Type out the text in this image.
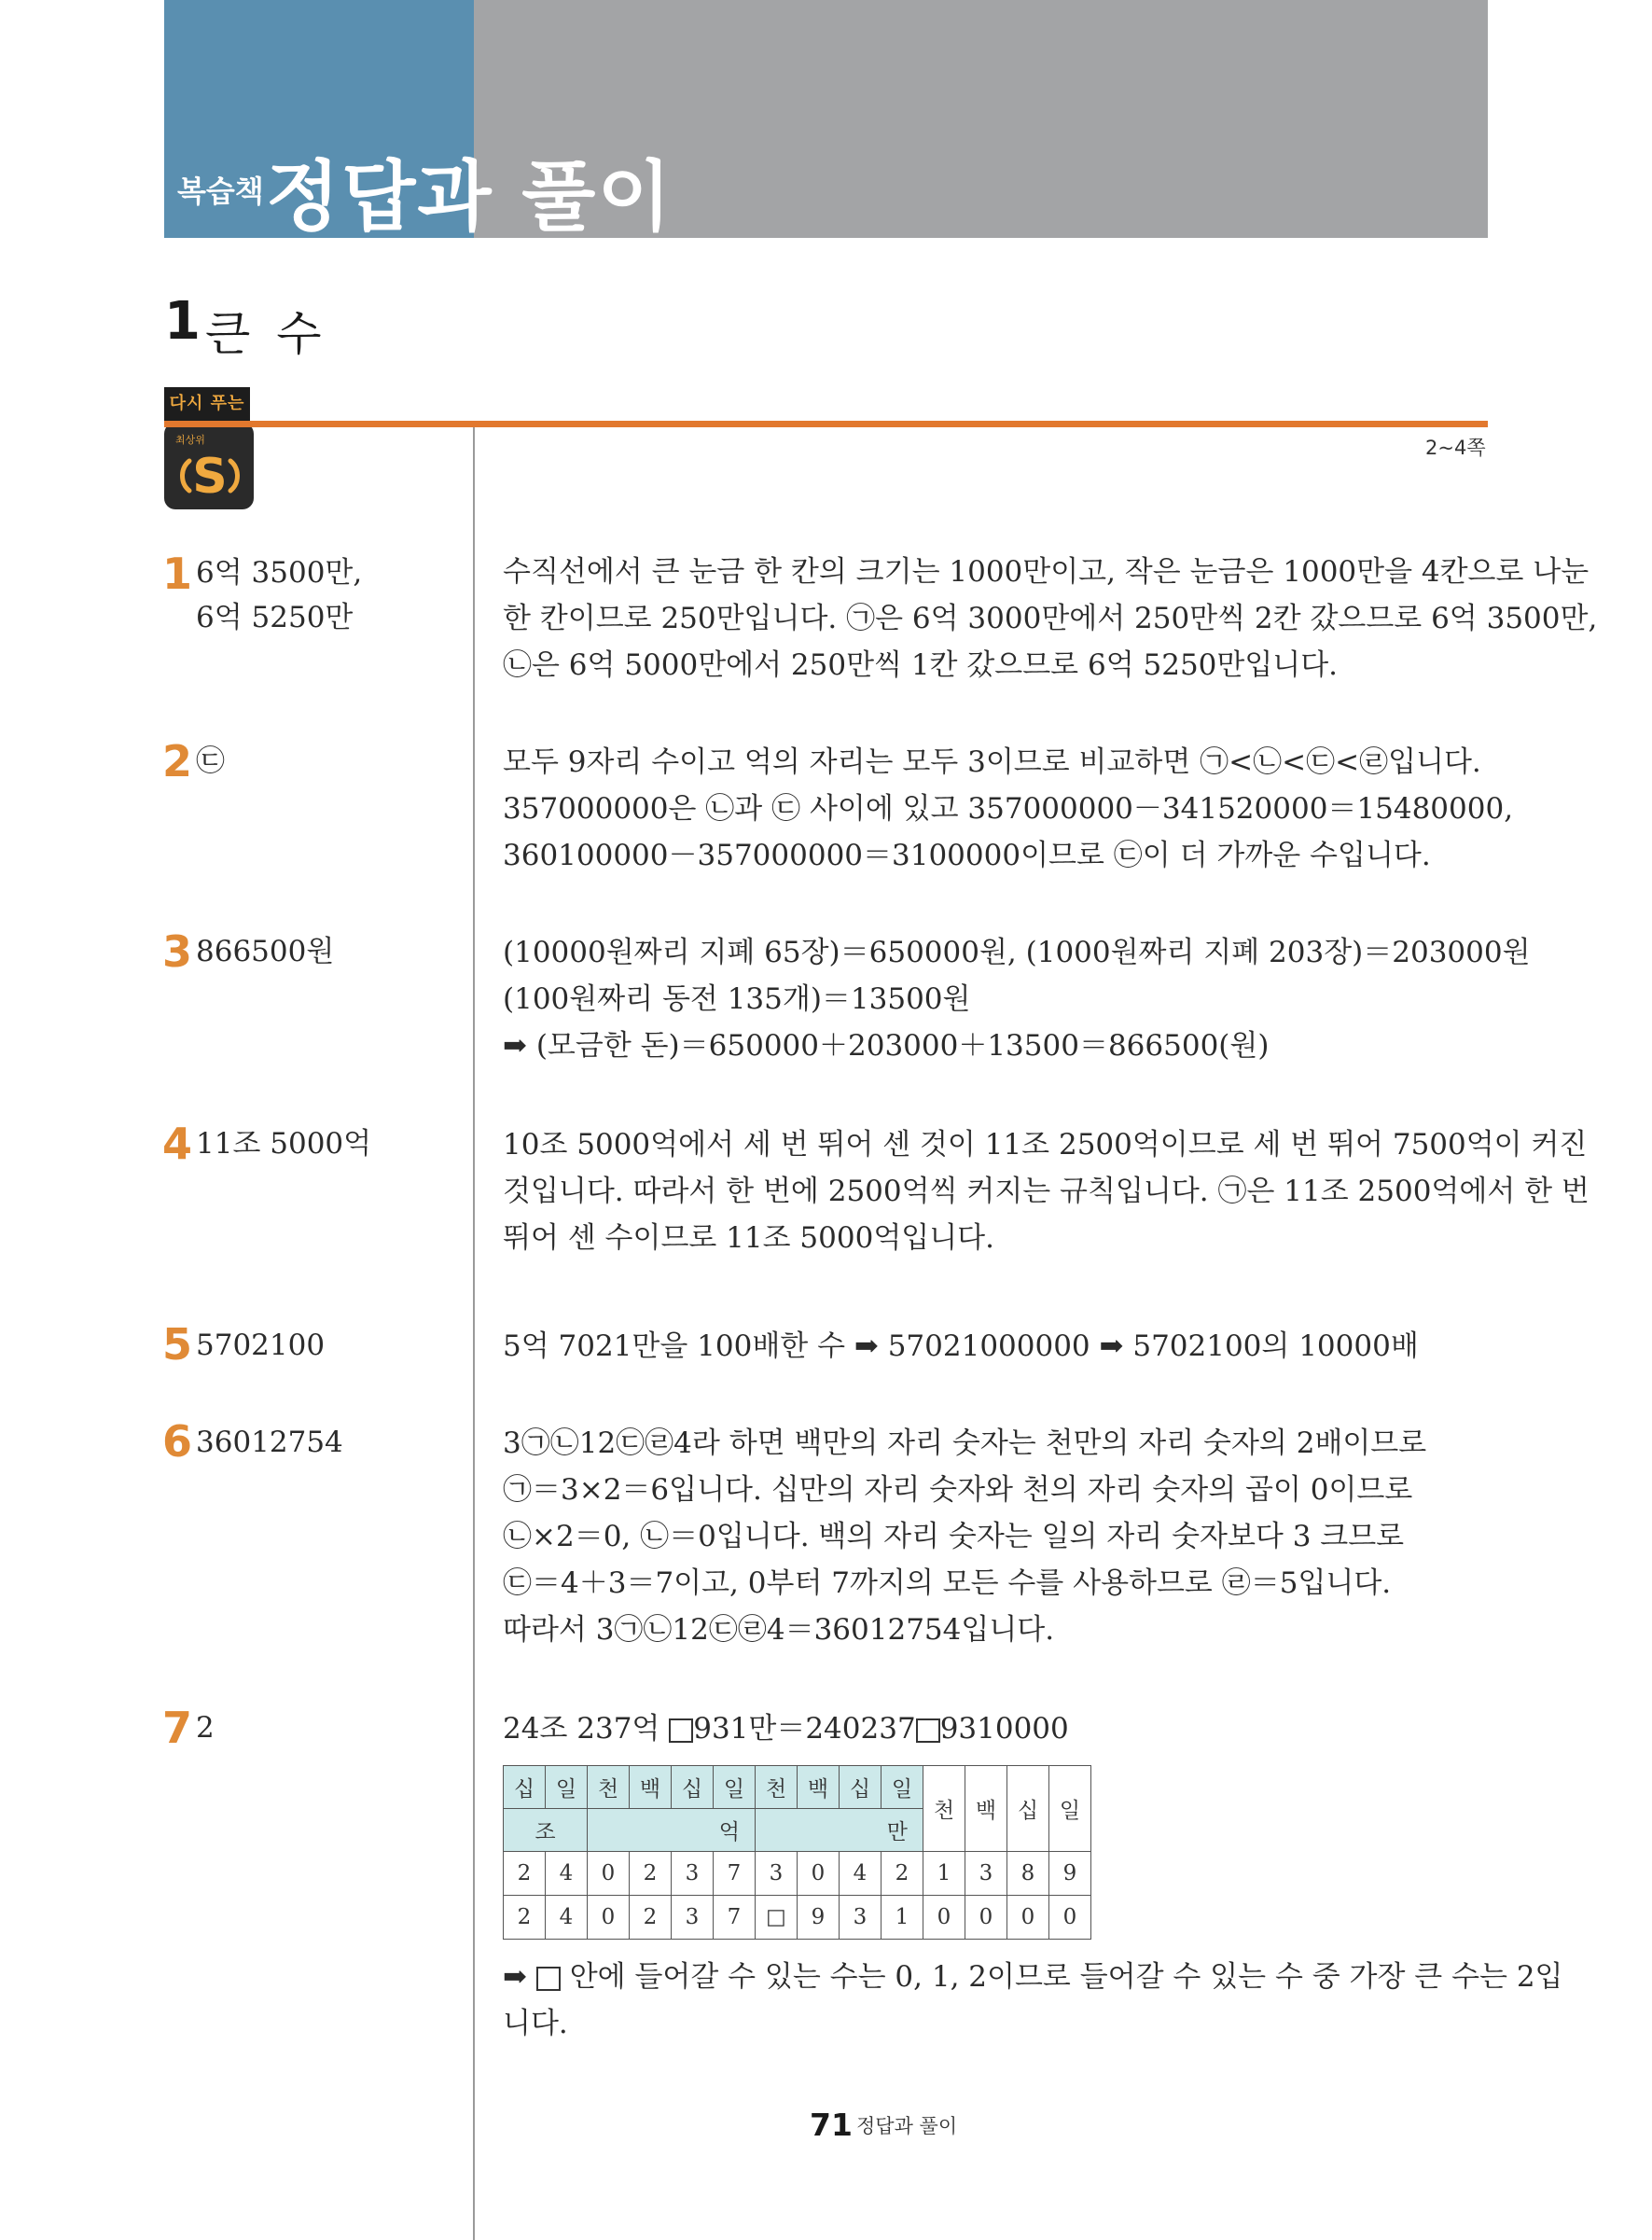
복습책 정답과 풀이
1 큰 수
다시 푸는
최상위
S
2~4쪽
1 6억 3500만,
6억 5250만
수직선에서 큰 눈금 한 칸의 크기는 1000만이고, 작은 눈금은 1000만을 4칸으로 나눈
한 칸이므로 250만입니다. ㉠은 6억 3000만에서 250만씩 2칸 갔으므로 6억 3500만,
㉡은 6억 5000만에서 250만씩 1칸 갔으므로 6억 5250만입니다.
2 ㉢	모두 9자리 수이고 억의 자리는 모두 3이므로 비교하면 ㉠<㉡<㉢<㉣입니다.
357000000은 ㉡과 ㉢ 사이에 있고 357000000－341520000＝15480000,
360100000－357000000＝3100000이므로 ㉢이 더 가까운 수입니다.
3 866500원	(10000원짜리 지폐 65장)＝650000원, (1000원짜리 지폐 203장)＝203000원
(100원짜리 동전 135개)＝13500원
➡ (모금한 돈)＝650000＋203000＋13500＝866500(원)
4 11조 5000억	10조 5000억에서 세 번 뛰어 센 것이 11조 2500억이므로 세 번 뛰어 7500억이 커진
것입니다. 따라서 한 번에 2500억씩 커지는 규칙입니다. ㉠은 11조 2500억에서 한 번
뛰어 센 수이므로 11조 5000억입니다.
5 5702100	5억 7021만을 100배한 수 ➡ 57021000000 ➡ 5702100의 10000배
6 36012754	3㉠㉡12㉢㉣4라 하면 백만의 자리 숫자는 천만의 자리 숫자의 2배이므로
㉠＝3×2＝6입니다. 십만의 자리 숫자와 천의 자리 숫자의 곱이 0이므로
㉡×2＝0, ㉡＝0입니다. 백의 자리 숫자는 일의 자리 숫자보다 3 크므로
㉢＝4＋3＝7이고, 0부터 7까지의 모든 수를 사용하므로 ㉣＝5입니다.
따라서 3㉠㉡12㉢㉣4＝36012754입니다.
7 2	24조 237억 931만＝240237 9310000
십	일	천	백	십	일	천	백	십	일	천	백	십	일
조		억				만							
2	4	0	2	3	7	3	0	4	2	1	3	8	9
2	4	0	2	3	7	□	9	3	1	0	0	0	0
➡  안에 들어갈 수 있는 수는 0, 1, 2이므로 들어갈 수 있는 수 중 가장 큰 수는 2입
니다.
71 정답과 풀이
